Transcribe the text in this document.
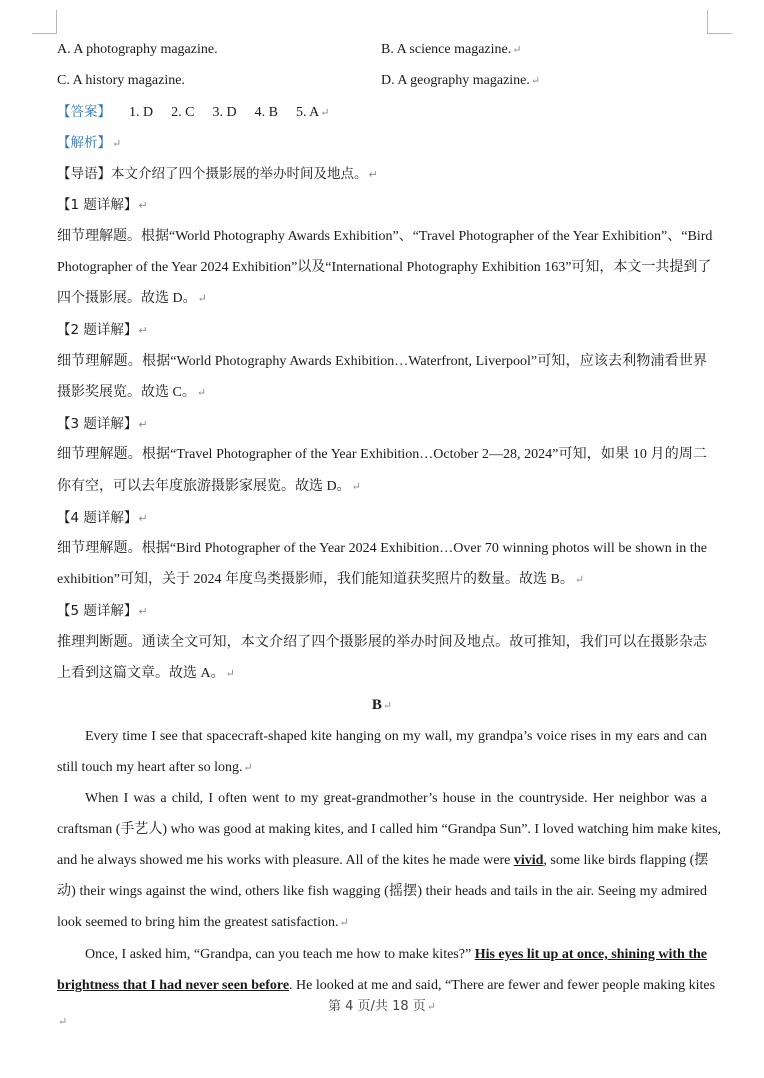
A. A photography magazine.	B. A science magazine.↵
C. A history magazine.	D. A geography magazine.↵
【答案】 1. D 2. C 3. D 4. B 5. A↵
【解析】↵
【导语】本文介绍了四个摄影展的举办时间及地点。↵
【1 题详解】↵
细节理解题。根据“World Photography Awards Exhibition”、“Travel Photographer of the Year Exhibition”、“Bird
Photographer of the Year 2024 Exhibition”以及“International Photography Exhibition 163”可知，本文一共提到了
四个摄影展。故选 D。↵
【2 题详解】↵
细节理解题。根据“World Photography Awards Exhibition…Waterfront, Liverpool”可知，应该去利物浦看世界
摄影奖展览。故选 C。↵
【3 题详解】↵
细节理解题。根据“Travel Photographer of the Year Exhibition…October 2—28, 2024”可知，如果 10 月的周二
你有空，可以去年度旅游摄影家展览。故选 D。↵
【4 题详解】↵
细节理解题。根据“Bird Photographer of the Year 2024 Exhibition…Over 70 winning photos will be shown in the
exhibition”可知，关于 2024 年度鸟类摄影师，我们能知道获奖照片的数量。故选 B。↵
【5 题详解】↵
推理判断题。通读全文可知，本文介绍了四个摄影展的举办时间及地点。故可推知，我们可以在摄影杂志
上看到这篇文章。故选 A。↵
B↵
Every time I see that spacecraft-shaped kite hanging on my wall, my grandpa’s voice rises in my ears and can
still touch my heart after so long.↵
When I was a child, I often went to my great-grandmother’s house in the countryside. Her neighbor was a
craftsman (手艺人) who was good at making kites, and I called him “Grandpa Sun”. I loved watching him make kites,
and he always showed me his works with pleasure. All of the kites he made were vivid, some like birds flapping (摆
动) their wings against the wind, others like fish wagging (摇摆) their heads and tails in the air. Seeing my admired
look seemed to bring him the greatest satisfaction.↵
Once, I asked him, “Grandpa, can you teach me how to make kites?” His eyes lit up at once, shining with the
brightness that I had never seen before. He looked at me and said, “There are fewer and fewer people making kites
第 4 页/共 18 页↵
↵
